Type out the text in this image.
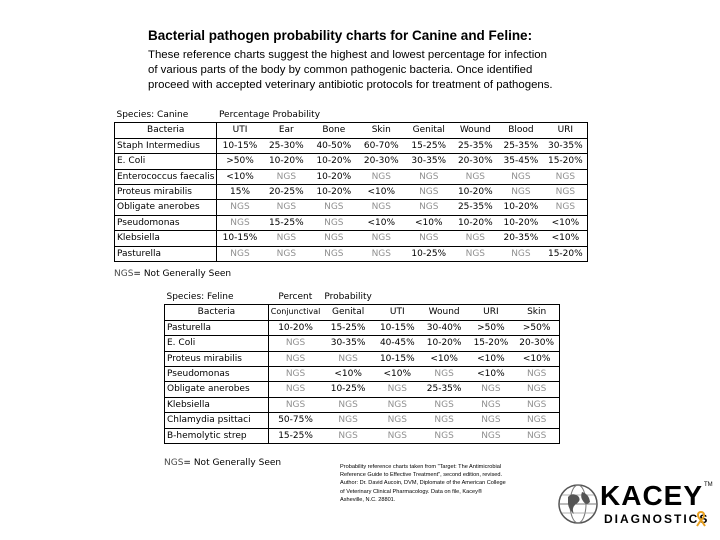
Bacterial pathogen probability charts for Canine and Feline:
These reference charts suggest the highest and lowest percentage for infection
of various parts of the body by common pathogenic bacteria. Once identified
proceed with accepted veterinary antibiotic protocols for treatment of pathogens.
Species: Canine	Percentage Probability							
Bacteria	UTI	Ear	Bone	Skin	Genital	Wound	Blood	URI
Staph Intermedius	10-15%	25-30%	40-50%	60-70%	15-25%	25-35%	25-35%	30-35%
E. Coli	>50%	10-20%	10-20%	20-30%	30-35%	20-30%	35-45%	15-20%
Enterococcus faecalis	<10%	NGS	10-20%	NGS	NGS	NGS	NGS	NGS
Proteus mirabilis	15%	20-25%	10-20%	<10%	NGS	10-20%	NGS	NGS
Obligate anerobes	NGS	NGS	NGS	NGS	NGS	25-35%	10-20%	NGS
Pseudomonas	NGS	15-25%	NGS	<10%	<10%	10-20%	10-20%	<10%
Klebsiella	10-15%	NGS	NGS	NGS	NGS	NGS	20-35%	<10%
Pasturella	NGS	NGS	NGS	NGS	10-25%	NGS	NGS	15-20%
NGS= Not Generally Seen
Species: Feline	Percent	Probability				
Bacteria	Conjunctival	Genital	UTI	Wound	URI	Skin
Pasturella	10-20%	15-25%	10-15%	30-40%	>50%	>50%
E. Coli	NGS	30-35%	40-45%	10-20%	15-20%	20-30%
Proteus mirabilis	NGS	NGS	10-15%	<10%	<10%	<10%
Pseudomonas	NGS	<10%	<10%	NGS	<10%	NGS
Obligate anerobes	NGS	10-25%	NGS	25-35%	NGS	NGS
Klebsiella	NGS	NGS	NGS	NGS	NGS	NGS
Chlamydia psittaci	50-75%	NGS	NGS	NGS	NGS	NGS
B-hemolytic strep	15-25%	NGS	NGS	NGS	NGS	NGS
NGS= Not Generally Seen	Probability reference charts taken from "Target: The Antimicrobial
Reference Guide to Effective Treatment", second edition, revised.
Author: Dr. David Aucoin, DVM, Diplomate of the American College
of Veterinary Clinical Pharmacology. Data on file, Kacey®
Asheville, N.C. 28801.	KACEY TM
DIAGNOSTICS
